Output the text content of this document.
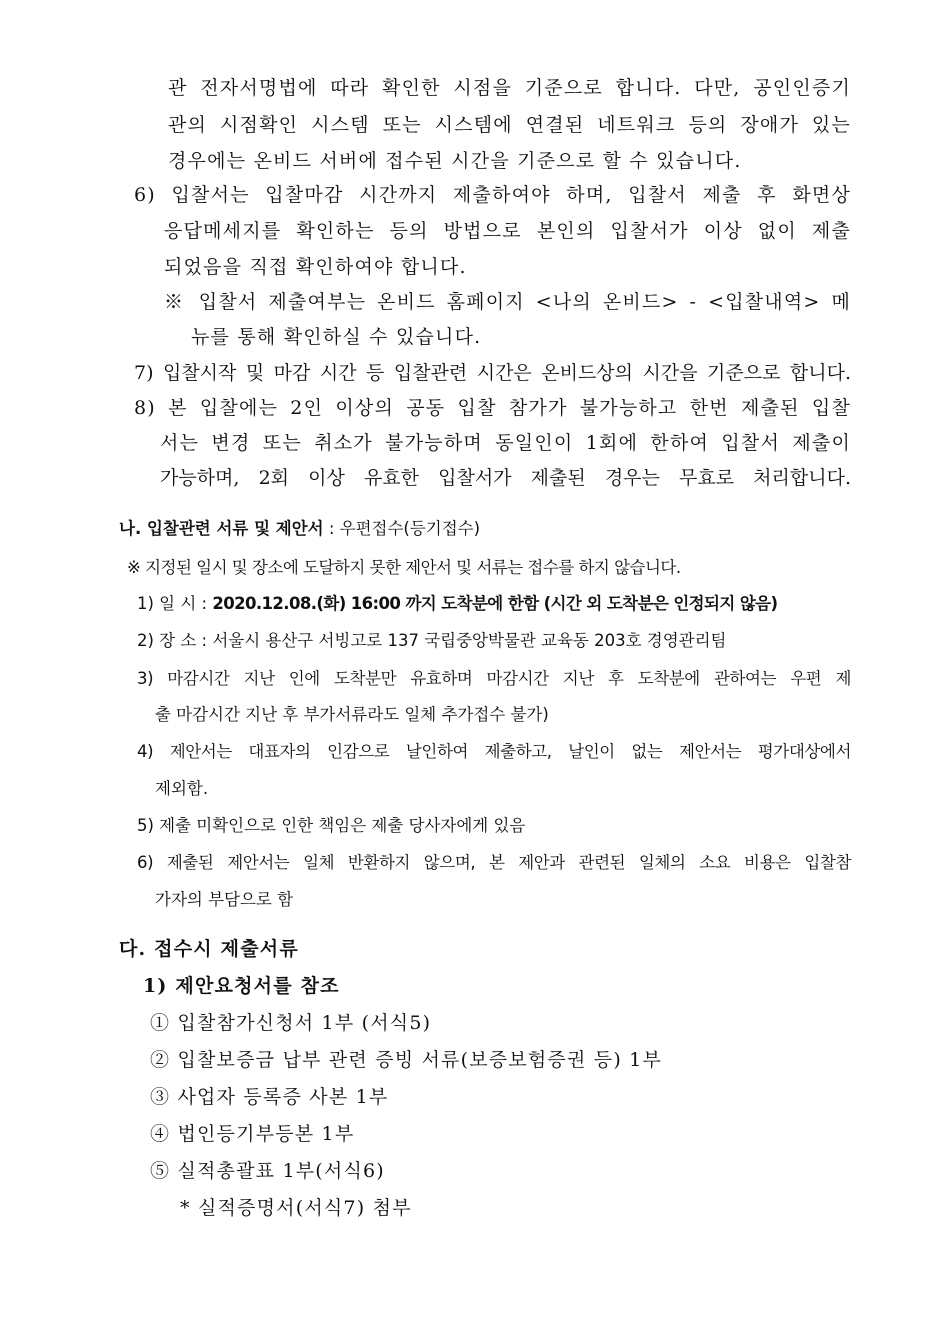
관 전자서명법에 따라 확인한 시점을 기준으로 합니다. 다만, 공인인증기
관의 시점확인 시스템 또는 시스템에 연결된 네트워크 등의 장애가 있는
경우에는 온비드 서버에 접수된 시간을 기준으로 할 수 있습니다.
6) 입찰서는 입찰마감 시간까지 제출하여야 하며, 입찰서 제출 후 화면상
응답메세지를 확인하는 등의 방법으로 본인의 입찰서가 이상 없이 제출
되었음을 직접 확인하여야 합니다.
※ 입찰서 제출여부는 온비드 홈페이지 <나의 온비드> - <입찰내역> 메
뉴를 통해 확인하실 수 있습니다.
7) 입찰시작 및 마감 시간 등 입찰관련 시간은 온비드상의 시간을 기준으로 합니다.
8) 본 입찰에는 2인 이상의 공동 입찰 참가가 불가능하고 한번 제출된 입찰
서는 변경 또는 취소가 불가능하며 동일인이 1회에 한하여 입찰서 제출이
가능하며, 2회 이상 유효한 입찰서가 제출된 경우는 무효로 처리합니다.
나. 입찰관련 서류 및 제안서 : 우편접수(등기접수)
※ 지정된 일시 및 장소에 도달하지 못한 제안서 및 서류는 접수를 하지 않습니다.
1) 일 시 : 2020.12.08.(화) 16:00 까지 도착분에 한함 (시간 외 도착분은 인정되지 않음)
2) 장 소 : 서울시 용산구 서빙고로 137 국립중앙박물관 교육동 203호 경영관리팀
3) 마감시간 지난 인에 도착분만 유효하며 마감시간 지난 후 도착분에 관하여는 우편 제
출 마감시간 지난 후 부가서류라도 일체 추가접수 불가)
4) 제안서는 대표자의 인감으로 날인하여 제출하고, 날인이 없는 제안서는 평가대상에서
제외함.
5) 제출 미확인으로 인한 책임은 제출 당사자에게 있음
6) 제출된 제안서는 일체 반환하지 않으며, 본 제안과 관련된 일체의 소요 비용은 입찰참
가자의 부담으로 함
다. 접수시 제출서류
1) 제안요청서를 참조
① 입찰참가신청서 1부 (서식5)
② 입찰보증금 납부 관련 증빙 서류(보증보험증권 등) 1부
③ 사업자 등록증 사본 1부
④ 법인등기부등본 1부
⑤ 실적총괄표 1부(서식6)
* 실적증명서(서식7) 첨부
